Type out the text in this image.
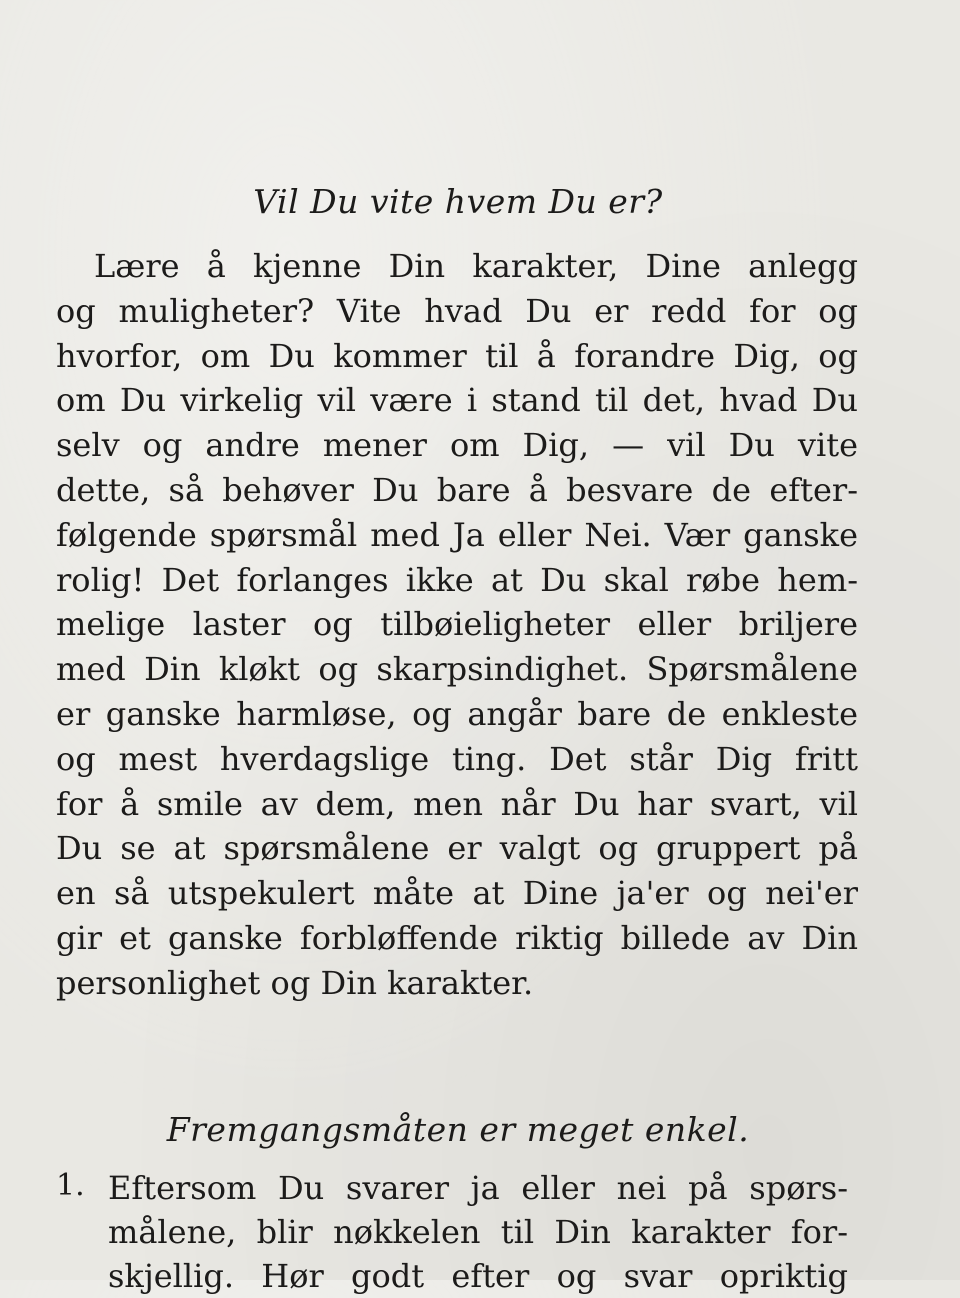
Vil Du vite hvem Du er?
Lære å kjenne Din karakter, Dine anlegg
og muligheter? Vite hvad Du er redd for og
hvorfor, om Du kommer til å forandre Dig, og
om Du virkelig vil være i stand til det, hvad Du
selv og andre mener om Dig, — vil Du vite
dette, så behøver Du bare å besvare de efter-
følgende spørsmål med Ja eller Nei. Vær ganske
rolig! Det forlanges ikke at Du skal røbe hem-
melige laster og tilbøieligheter eller briljere
med Din kløkt og skarpsindighet. Spørsmålene
er ganske harmløse, og angår bare de enkleste
og mest hverdagslige ting. Det står Dig fritt
for å smile av dem, men når Du har svart, vil
Du se at spørsmålene er valgt og gruppert på
en så utspekulert måte at Dine ja'er og nei'er
gir et ganske forbløffende riktig billede av Din
personlighet og Din karakter.
Fremgangsmåten er meget enkel.
1. Eftersom Du svarer ja eller nei på spørs-
målene, blir nøkkelen til Din karakter for-
skjellig. Hør godt efter og svar opriktig
